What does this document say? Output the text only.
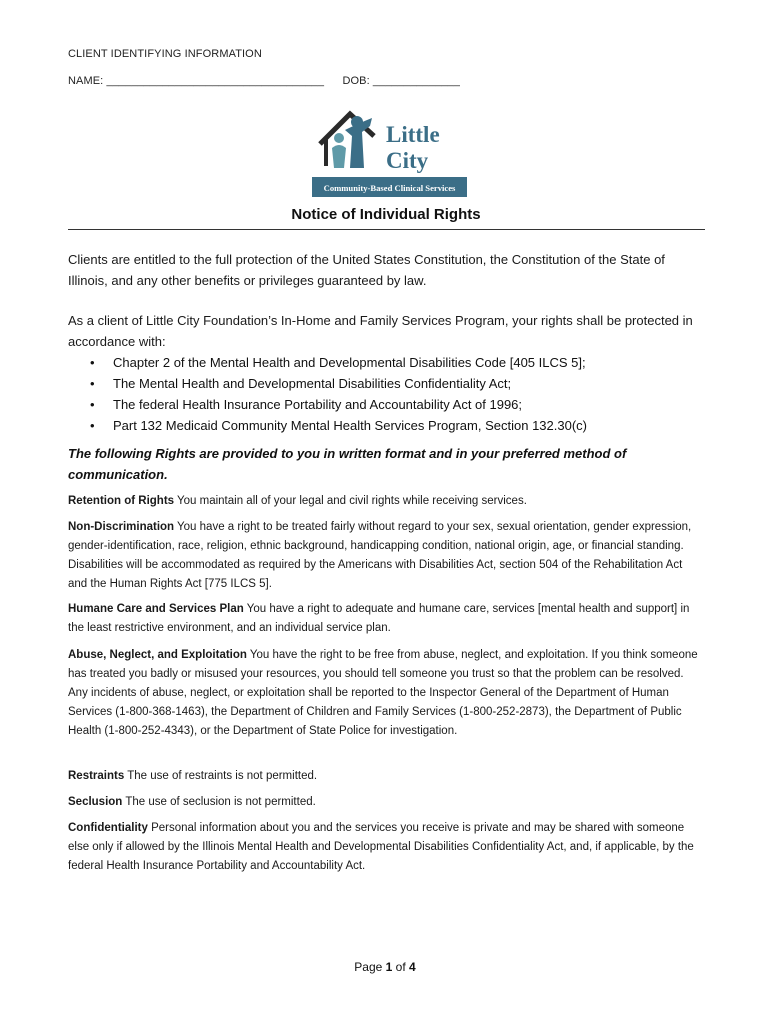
CLIENT IDENTIFYING INFORMATION
NAME: ___________________________________ DOB: ______________
Little
City
Community-Based Clinical Services
Notice of Individual Rights
Clients are entitled to the full protection of the United States Constitution, the Constitution of the State of Illinois, and any other benefits or privileges guaranteed by law.
As a client of Little City Foundation’s In-Home and Family Services Program, your rights shall be protected in accordance with:
• Chapter 2 of the Mental Health and Developmental Disabilities Code [405 ILCS 5];
• The Mental Health and Developmental Disabilities Confidentiality Act;
• The federal Health Insurance Portability and Accountability Act of 1996;
• Part 132 Medicaid Community Mental Health Services Program, Section 132.30(c)
The following Rights are provided to you in written format and in your preferred method of communication.
Retention of Rights You maintain all of your legal and civil rights while receiving services.
Non-Discrimination You have a right to be treated fairly without regard to your sex, sexual orientation, gender expression, gender-identification, race, religion, ethnic background, handicapping condition, national origin, age, or financial standing. Disabilities will be accommodated as required by the Americans with Disabilities Act, section 504 of the Rehabilitation Act and the Human Rights Act [775 ILCS 5].
Humane Care and Services Plan You have a right to adequate and humane care, services [mental health and support] in the least restrictive environment, and an individual service plan.
Abuse, Neglect, and Exploitation You have the right to be free from abuse, neglect, and exploitation. If you think someone has treated you badly or misused your resources, you should tell someone you trust so that the problem can be resolved. Any incidents of abuse, neglect, or exploitation shall be reported to the Inspector General of the Department of Human Services (1-800-368-1463), the Department of Children and Family Services (1-800-252-2873), the Department of Public Health (1-800-252-4343), or the Department of State Police for investigation.
Restraints The use of restraints is not permitted.
Seclusion The use of seclusion is not permitted.
Confidentiality Personal information about you and the services you receive is private and may be shared with someone else only if allowed by the Illinois Mental Health and Developmental Disabilities Confidentiality Act, and, if applicable, by the federal Health Insurance Portability and Accountability Act.
Page 1 of 4
